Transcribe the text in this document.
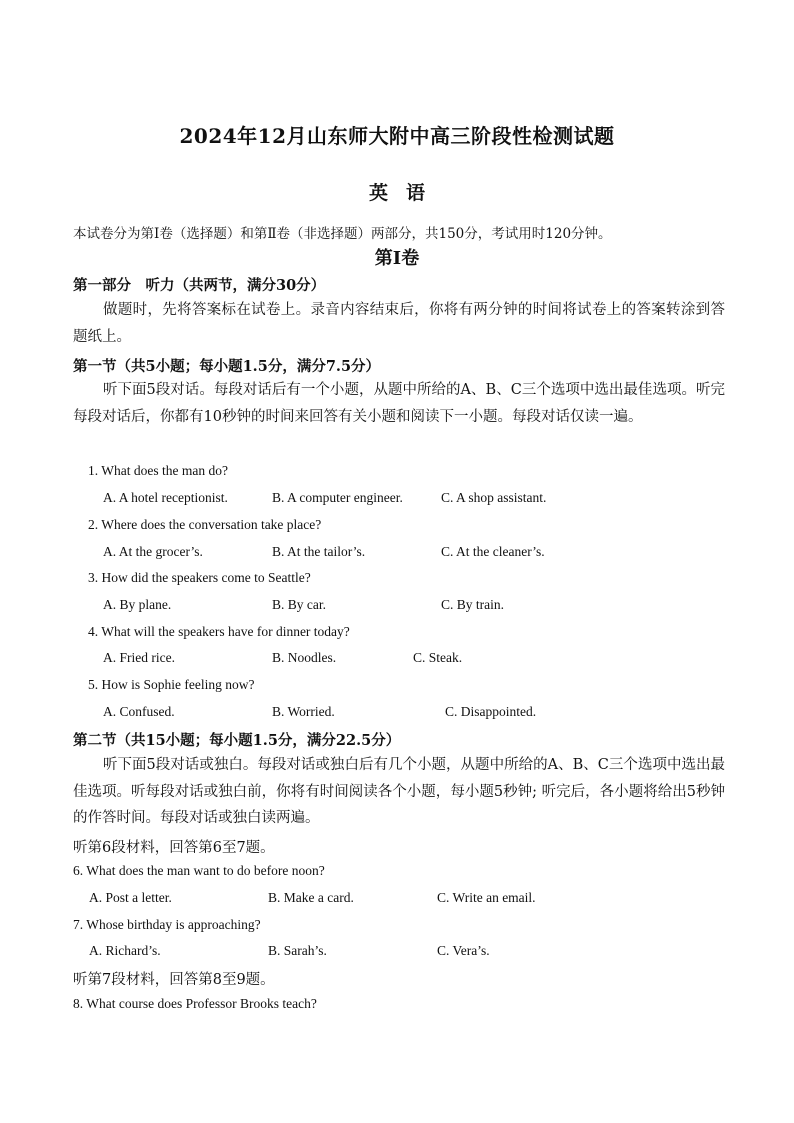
2024年12月山东师大附中高三阶段性检测试题
英语
本试卷分为第Ⅰ卷（选择题）和第Ⅱ卷（非选择题）两部分，共150分，考试用时120分钟。
第Ⅰ卷
第一部分　听力（共两节，满分30分）
做题时，先将答案标在试卷上。录音内容结束后，你将有两分钟的时间将试卷上的答案转涂到答题纸上。
第一节（共5小题；每小题1.5分，满分7.5分）
听下面5段对话。每段对话后有一个小题，从题中所给的A、B、C三个选项中选出最佳选项。听完每段对话后，你都有10秒钟的时间来回答有关小题和阅读下一小题。每段对话仅读一遍。
1. What does the man do?
A. A hotel receptionist.	B. A computer engineer.	C. A shop assistant.
2. Where does the conversation take place?
A. At the grocer’s.	B. At the tailor’s.	C. At the cleaner’s.
3. How did the speakers come to Seattle?
A. By plane.	B. By car.	C. By train.
4. What will the speakers have for dinner today?
A. Fried rice.	B. Noodles.	C. Steak.
5. How is Sophie feeling now?
A. Confused.	B. Worried.	C. Disappointed.
第二节（共15小题；每小题1.5分，满分22.5分）
听下面5段对话或独白。每段对话或独白后有几个小题，从题中所给的A、B、C三个选项中选出最佳选项。听每段对话或独白前，你将有时间阅读各个小题，每小题5秒钟; 听完后，各小题将给出5秒钟的作答时间。每段对话或独白读两遍。
听第6段材料，回答第6至7题。
6. What does the man want to do before noon?
A. Post a letter.	B. Make a card.	C. Write an email.
7. Whose birthday is approaching?
A. Richard’s.	B. Sarah’s.	C. Vera’s.
听第7段材料，回答第8至9题。
8. What course does Professor Brooks teach?
